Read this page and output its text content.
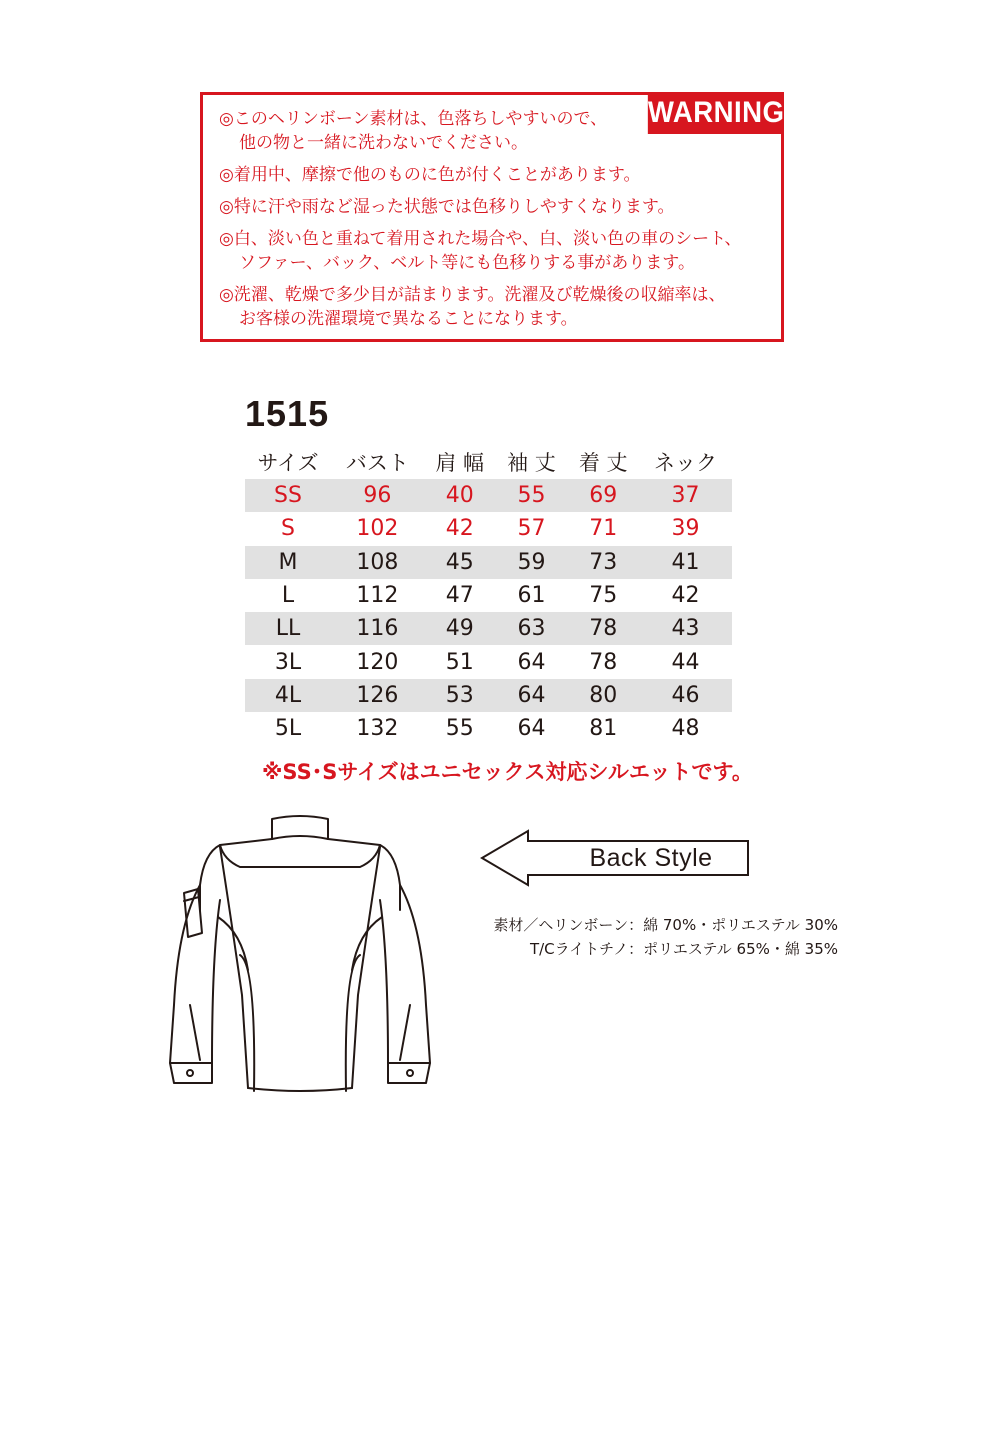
WARNING
◎このヘリンボーン素材は、色落ちしやすいので、
他の物と一緒に洗わないでください。
◎着用中、摩擦で他のものに色が付くことがあります。
◎特に汗や雨など湿った状態では色移りしやすくなります。
◎白、淡い色と重ねて着用された場合や、白、淡い色の車のシート、
ソファー、バック、ベルト等にも色移りする事があります。
◎洗濯、乾燥で多少目が詰まります。洗濯及び乾燥後の収縮率は、
お客様の洗濯環境で異なることになります。
1515
サイズ	バスト	肩 幅	袖 丈	着 丈	ネック
SS	96	40	55	69	37
S	102	42	57	71	39
M	108	45	59	73	41
L	112	47	61	75	42
LL	116	49	63	78	43
3L	120	51	64	78	44
4L	126	53	64	80	46
5L	132	55	64	81	48
※SS･Sサイズはユニセックス対応シルエットです。
Back Style
素材／ヘリンボーン：綿 70%・ポリエステル 30%
T/Cライトチノ：ポリエステル 65%・綿 35%
